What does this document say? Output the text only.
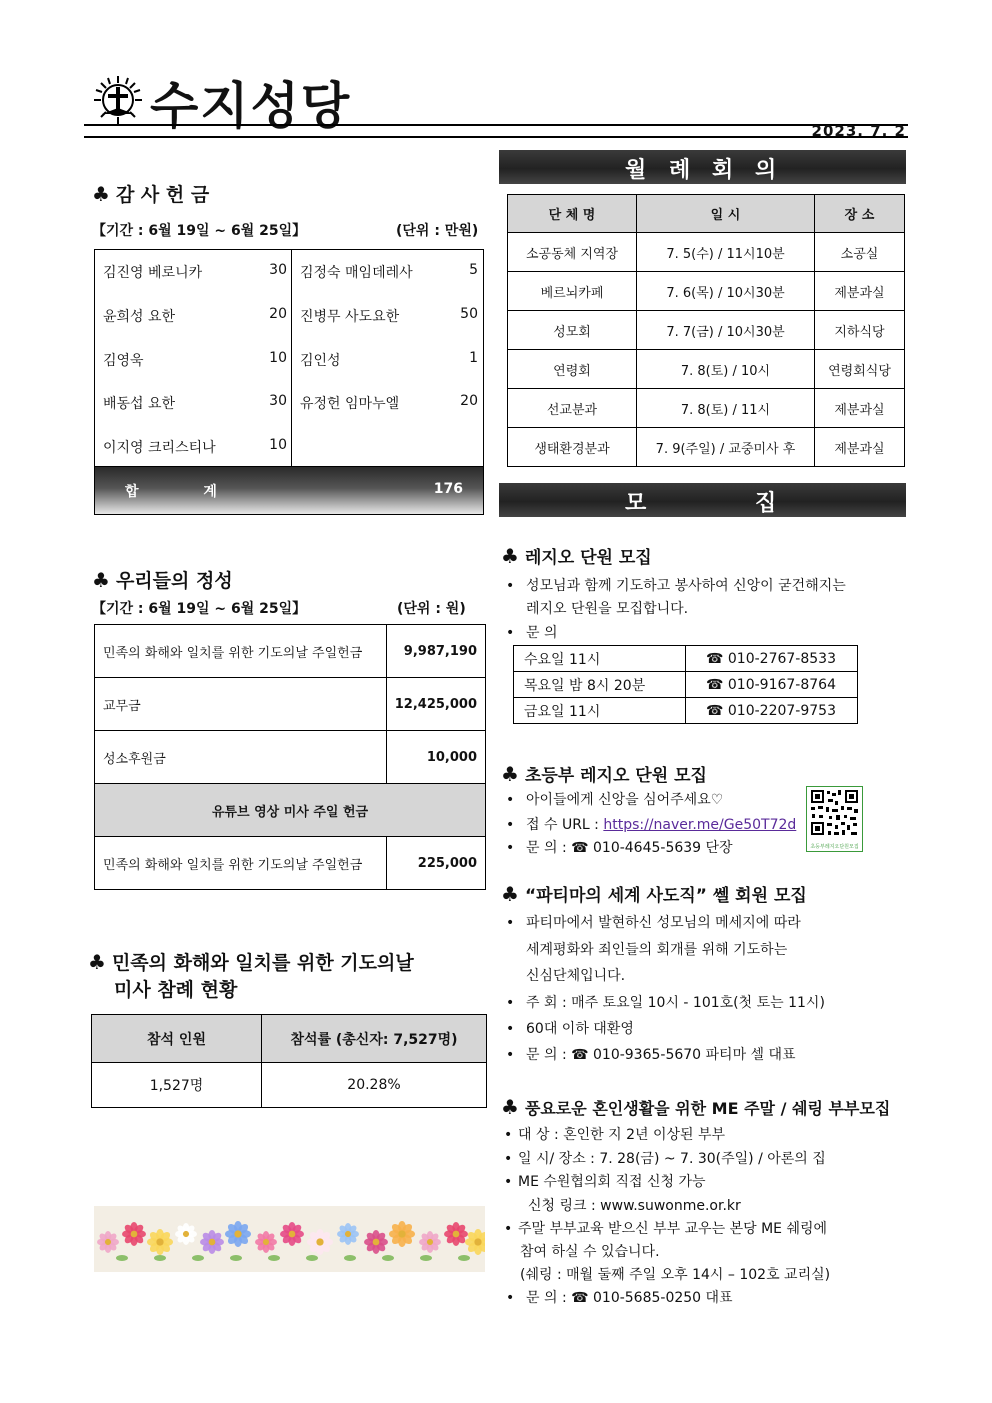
수지성당	2023. 7. 2
♣ 감 사 헌 금
【기간 : 6월 19일 ~ 6월 25일】	(단위 : 만원)
김진영 베로니카	30
윤희성 요한	20
김영욱	10
배동섭 요한	30
이지영 크리스티나	10
김정숙 매임데레사	5
진병무 사도요한	50
김인성	1
유정헌 임마누엘	20
합 계	176
♣ 우리들의 정성
【기간 : 6월 19일 ~ 6월 25일】	(단위 : 원)
민족의 화해와 일치를 위한 기도의날 주일헌금	9,987,190
교무금	12,425,000
성소후원금	10,000
유튜브 영상 미사 주일 헌금	
민족의 화해와 일치를 위한 기도의날 주일헌금	225,000
♣ 민족의 화해와 일치를 위한 기도의날
미사 참례 현황
참석 인원	참석률 (총신자: 7,527명)
1,527명	20.28%
월 례 회 의
단 체 명	일 시	장 소
소공동체 지역장	7. 5(수) / 11시10분	소공실
베르뇌카페	7. 6(목) / 10시30분	제분과실
성모회	7. 7(금) / 10시30분	지하식당
연령회	7. 8(토) / 10시	연령회식당
선교분과	7. 8(토) / 11시	제분과실
생태환경분과	7. 9(주일) / 교중미사 후	제분과실
모	집
♣ 레지오 단원 모집
• 성모님과 함께 기도하고 봉사하여 신앙이 굳건해지는
레지오 단원을 모집합니다.
• 문 의
수요일 11시	☎ 010-2767-8533
목요일 밤 8시 20분	☎ 010-9167-8764
금요일 11시	☎ 010-2207-9753
♣ 초등부 레지오 단원 모집
• 아이들에게 신앙을 심어주세요♡
• 접 수 URL : https://naver.me/Ge50T72d
• 문 의 : ☎ 010-4645-5639 단장	초등부레지오단원모집
♣ “파티마의 세계 사도직” 쎌 회원 모집
• 파티마에서 발현하신 성모님의 메세지에 따라
세계평화와 죄인들의 회개를 위해 기도하는
신심단체입니다.
• 주 회 : 매주 토요일 10시 - 101호(첫 토는 11시)
• 60대 이하 대환영
• 문 의 : ☎ 010-9365-5670 파티마 셀 대표
♣ 풍요로운 혼인생활을 위한 ME 주말 / 쉐링 부부모집
• 대 상 : 혼인한 지 2년 이상된 부부
• 일 시/ 장소 : 7. 28(금) ~ 7. 30(주일) / 아론의 집
• ME 수원협의회 직접 신청 가능
신청 링크 : www.suwonme.or.kr
• 주말 부부교육 받으신 부부 교우는 본당 ME 쉐링에
참여 하실 수 있습니다.
(쉐링 : 매월 둘째 주일 오후 14시 – 102호 교리실)
• 문 의 : ☎ 010-5685-0250 대표
